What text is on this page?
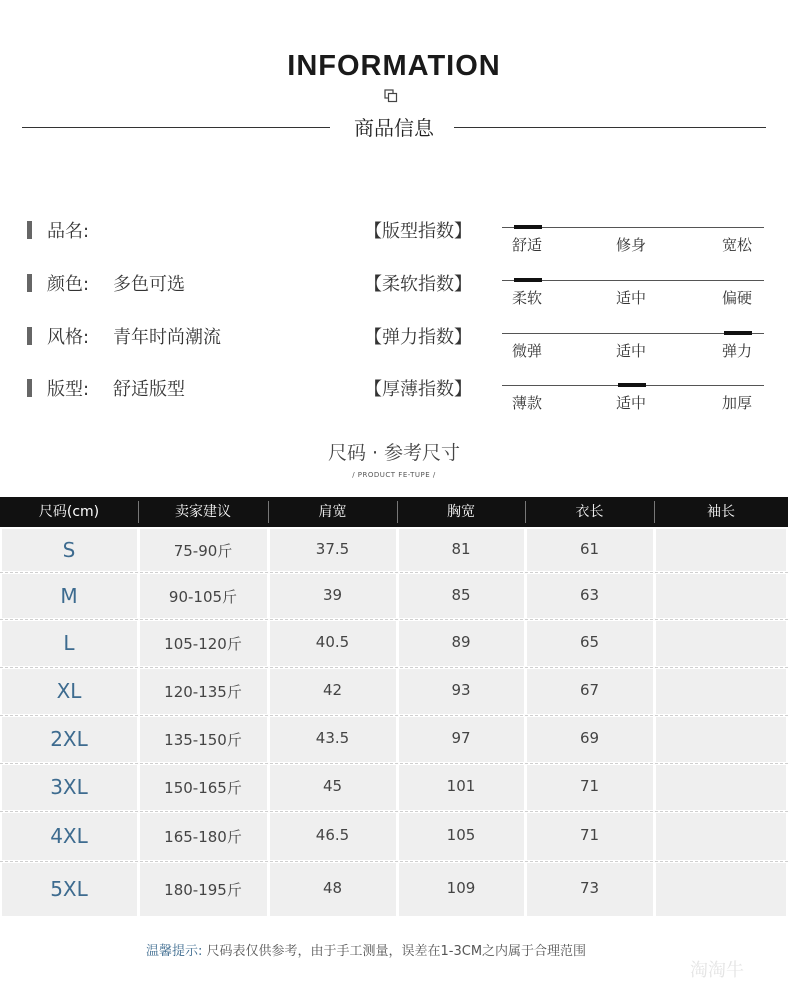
INFORMATION
商品信息
品名:
颜色: 多色可选
风格: 青年时尚潮流
版型: 舒适版型
【版型指数】
舒适	修身	宽松
【柔软指数】
柔软	适中	偏硬
【弹力指数】
微弹	适中	弹力
【厚薄指数】
薄款	适中	加厚
尺码 · 参考尺寸
/ PRODUCT FE-TUPE /
尺码(cm)	卖家建议	肩宽	胸宽	衣长	袖长
S	75-90斤	37.5	81	61
M	90-105斤	39	85	63
L	105-120斤	40.5	89	65
XL	120-135斤	42	93	67
2XL	135-150斤	43.5	97	69
3XL	150-165斤	45	101	71
4XL	165-180斤	46.5	105	71
5XL	180-195斤	48	109	73
温馨提示: 尺码表仅供参考，由于手工测量，误差在1-3CM之内属于合理范围
淘淘牛
